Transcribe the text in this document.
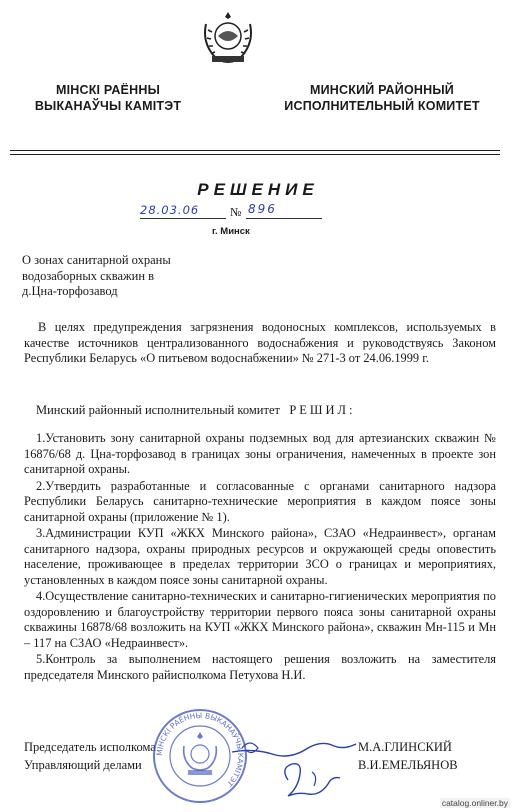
МІНСКІ РАЁННЫ
ВЫКАНАЎЧЫ КАМІТЭТ
МИНСКИЙ РАЙОННЫЙ
ИСПОЛНИТЕЛЬНЫЙ КОМИТЕТ
РЕШЕНИЕ
28.03.06	№ 896
г. Минск
О зонах санитарной охраны
водозаборных скважин в
д.Цна-торфозавод
В целях предупреждения загрязнения водоносных комплексов, используемых в качестве источников централизованного водоснабжения и руководствуясь Законом Республики Беларусь «О питьевом водоснабжении» № 271-3 от 24.06.1999 г.
Минский районный исполнительный комитет РЕШИЛ:

1.Установить зону санитарной охраны подземных вод для артезианских скважин № 16876/68 д. Цна-торфозавод в границах зоны ограничения, намеченных в проекте зон санитарной охраны.

2.Утвердить разработанные и согласованные с органами санитарного надзора Республики Беларусь санитарно-технические мероприятия в каждом поясе зоны санитарной охраны (приложение № 1).

3.Администрации КУП «ЖКХ Минского района», СЗАО «Недраинвест», органам санитарного надзора, охраны природных ресурсов и окружающей среды оповестить население, проживающее в пределах территории ЗСО о границах и мероприятиях, установленных в каждом поясе зоны санитарной охраны.

4.Осуществление санитарно-технических и санитарно-гигиенических мероприятия по оздоровлению и благоустройству территории первого пояса зоны санитарной охраны скважины 16878/68 возложить на КУП «ЖКХ Минского района», скважин Мн-115 и Мн – 117 на СЗАО «Недраинвест».

5.Контроль за выполнением настоящего решения возложить на заместителя председателя Минского райисполкома Петухова Н.И.

Председатель исполкома
Управляющий делами
М.А.ГЛИНСКИЙ
В.И.ЕМЕЛЬЯНОВ
МІНСКІ РАЁННЫ ВЫКАНАЎЧЫ КАМІТЭТ
catalog.onliner.by
